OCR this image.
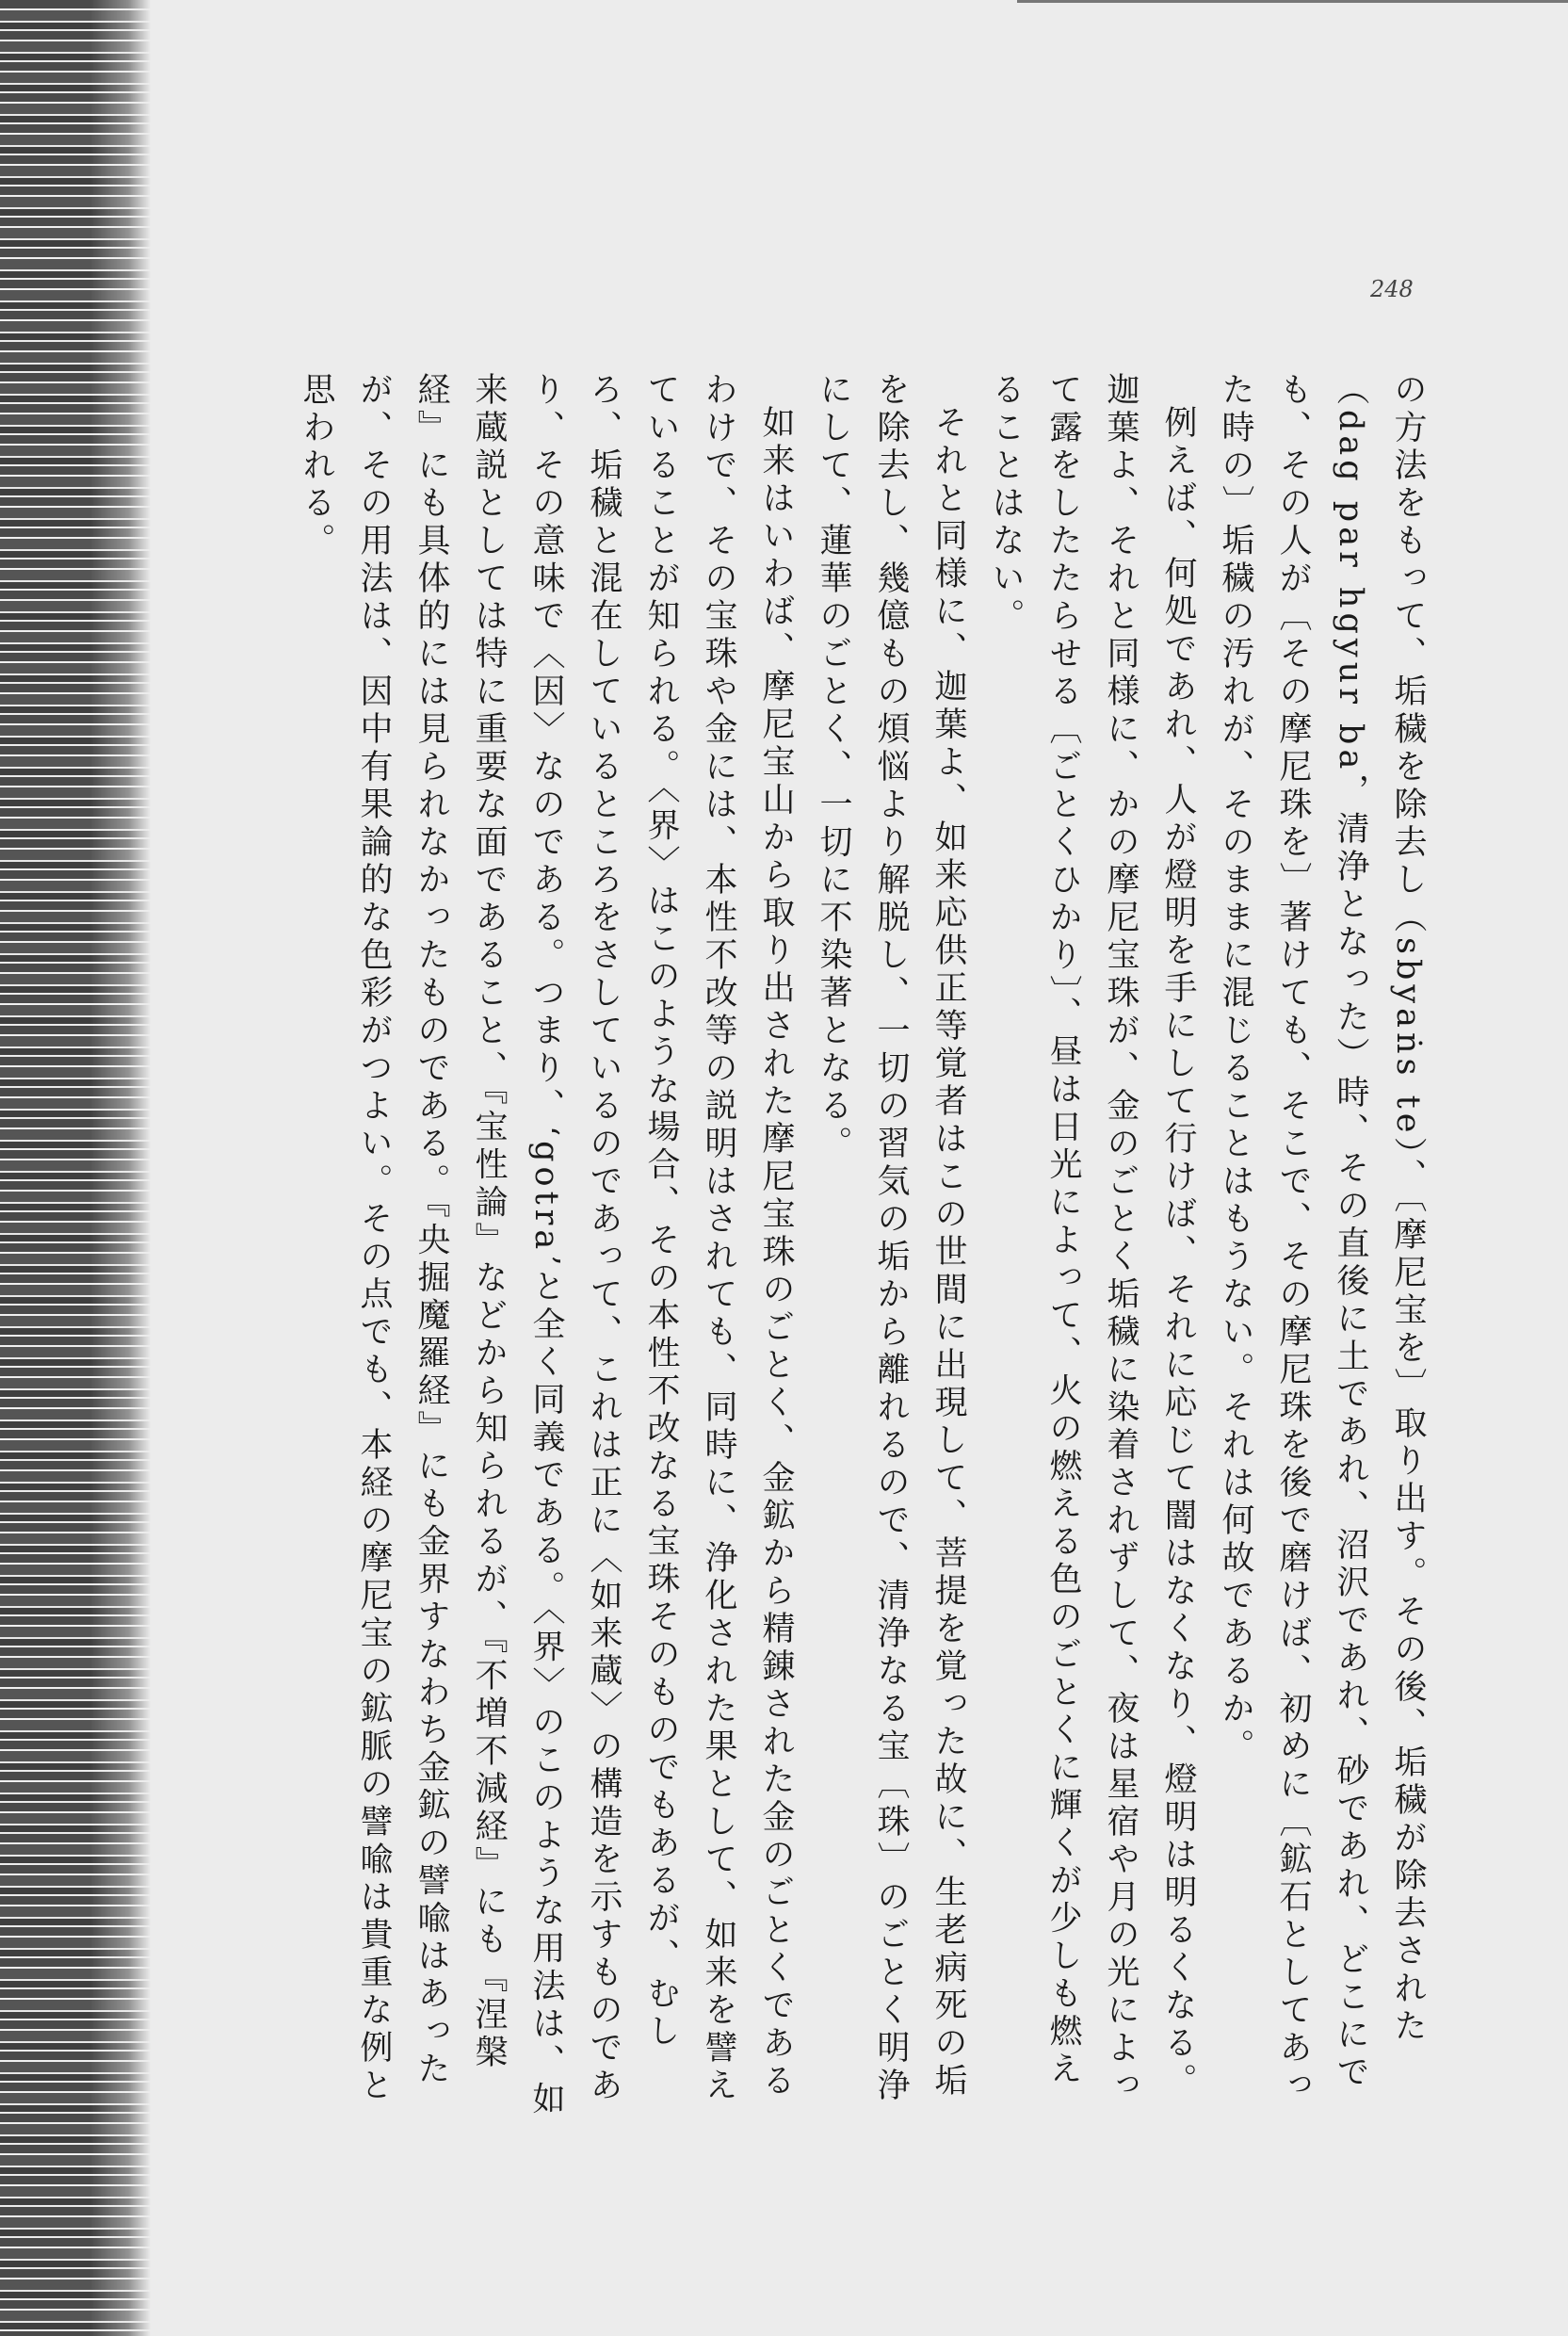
248

の方法をもって、垢穢を除去し（sbyaṅs te）、〔摩尼宝を〕取り出す。その後、垢穢が除去された（dag par hgyur ba，清浄となった）時、その直後に土であれ、沼沢であれ、砂であれ、どこにでも、その人が〔その摩尼珠を〕著けても、そこで、その摩尼珠を後で磨けば、初めに〔鉱石としてあった時の〕垢穢の汚れが、そのままに混じることはもうない。それは何故であるか。

例えば、何処であれ、人が燈明を手にして行けば、それに応じて闇はなくなり、燈明は明るくなる。迦葉よ、それと同様に、かの摩尼宝珠が、金のごとく垢穢に染着されずして、夜は星宿や月の光によって露をしたたらせる〔ごとくひかり〕、昼は日光によって、火の燃える色のごとくに輝くが少しも燃えることはない。

それと同様に、迦葉よ、如来応供正等覚者はこの世間に出現して、菩提を覚った故に、生老病死の垢を除去し、幾億もの煩悩より解脱し、一切の習気の垢から離れるので、清浄なる宝〔珠〕のごとく明浄にして、蓮華のごとく、一切に不染著となる。

如来はいわば、摩尼宝山から取り出された摩尼宝珠のごとく、金鉱から精錬された金のごとくであるわけで、その宝珠や金には、本性不改等の説明はされても、同時に、浄化された果として、如来を譬えていることが知られる。〈界〉はこのような場合、その本性不改なる宝珠そのものでもあるが、むしろ、垢穢と混在しているところをさしているのであって、これは正に〈如来蔵〉の構造を示すものであり、その意味で〈因〉なのである。つまり、ʻgotraʼと全く同義である。〈界〉のこのような用法は、如来蔵説としては特に重要な面であること、『宝性論』などから知られるが、『不増不減経』にも『涅槃経』にも具体的には見られなかったものである。『央掘魔羅経』にも金界すなわち金鉱の譬喩はあったが、その用法は、因中有果論的な色彩がつよい。その点でも、本経の摩尼宝の鉱脈の譬喩は貴重な例と思われる。
